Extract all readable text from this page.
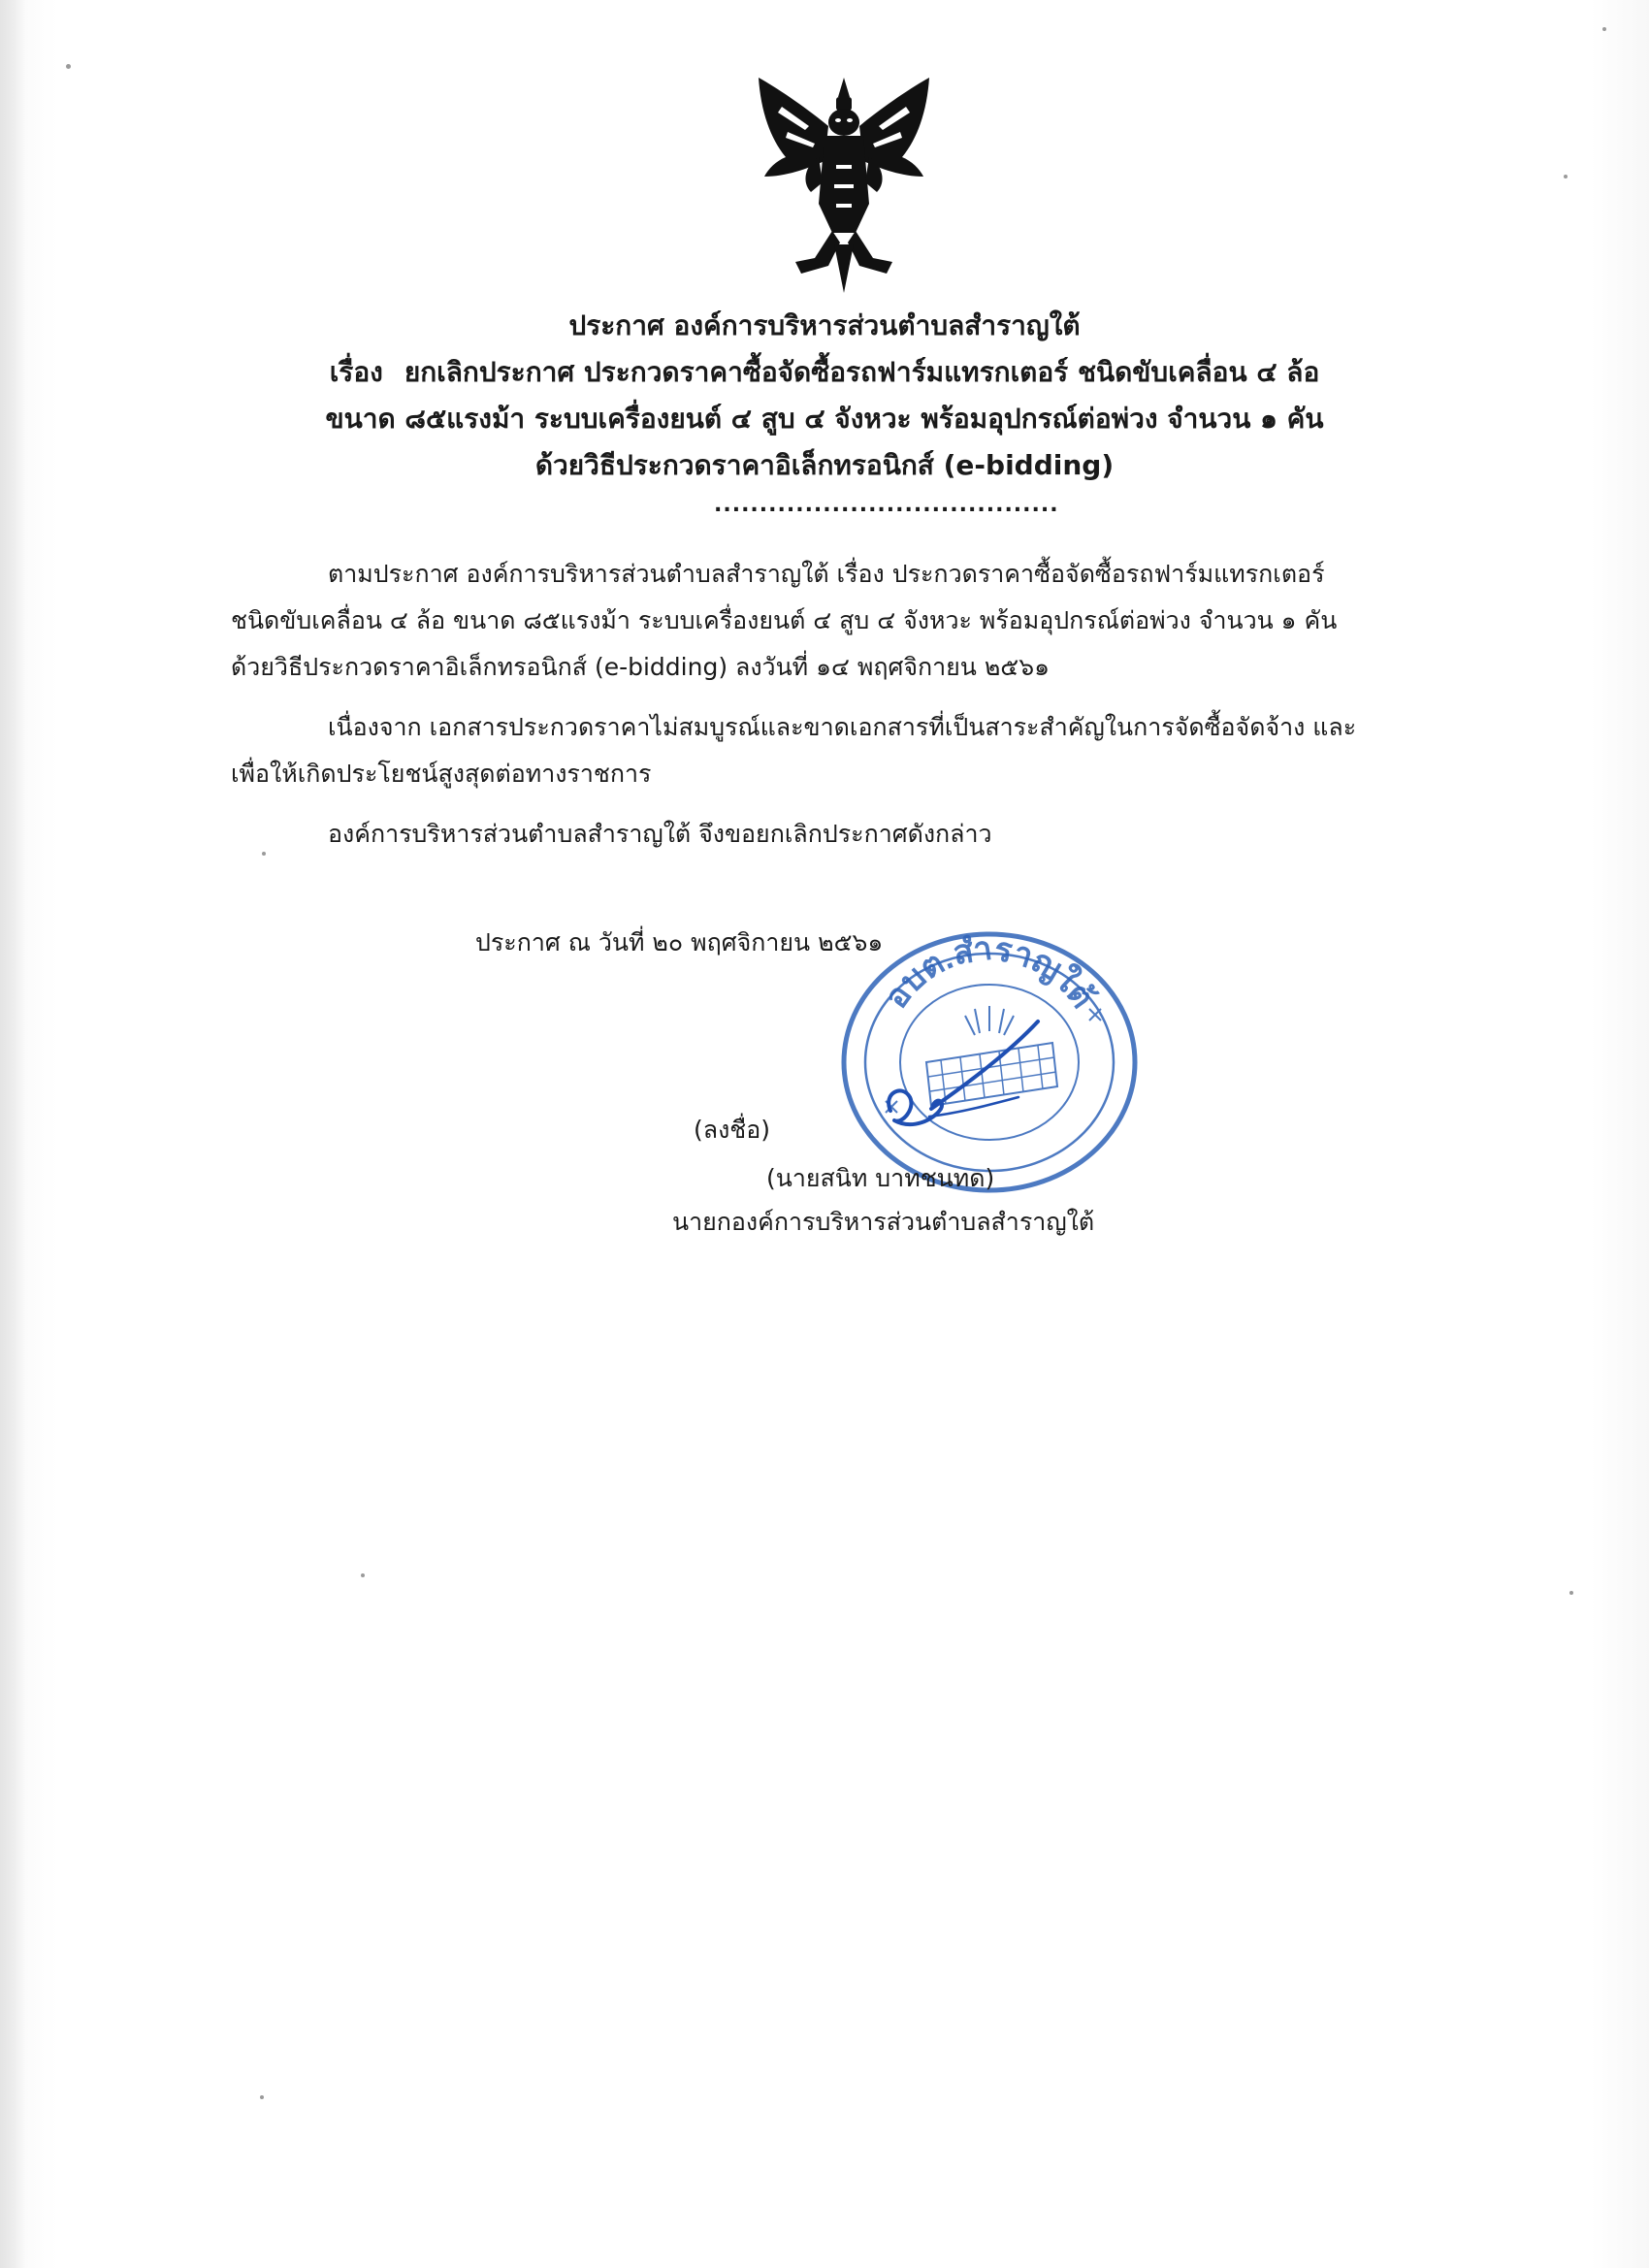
ประกาศ องค์การบริหารส่วนตำบลสำราญใต้
เรื่อง ยกเลิกประกาศ ประกวดราคาซื้อจัดซื้อรถฟาร์มแทรกเตอร์ ชนิดขับเคลื่อน ๔ ล้อ
ขนาด ๘๕แรงม้า ระบบเครื่องยนต์ ๔ สูบ ๔ จังหวะ พร้อมอุปกรณ์ต่อพ่วง จำนวน ๑ คัน
ด้วยวิธีประกวดราคาอิเล็กทรอนิกส์ (e-bidding)
......................................
ตามประกาศ องค์การบริหารส่วนตำบลสำราญใต้ เรื่อง ประกวดราคาซื้อจัดซื้อรถฟาร์มแทรกเตอร์
ชนิดขับเคลื่อน ๔ ล้อ ขนาด ๘๕แรงม้า ระบบเครื่องยนต์ ๔ สูบ ๔ จังหวะ พร้อมอุปกรณ์ต่อพ่วง จำนวน ๑ คัน
ด้วยวิธีประกวดราคาอิเล็กทรอนิกส์ (e-bidding) ลงวันที่ ๑๔ พฤศจิกายน ๒๕๖๑
เนื่องจาก เอกสารประกวดราคาไม่สมบูรณ์และขาดเอกสารที่เป็นสาระสำคัญในการจัดซื้อจัดจ้าง และ
เพื่อให้เกิดประโยชน์สูงสุดต่อทางราชการ
องค์การบริหารส่วนตำบลสำราญใต้ จึงขอยกเลิกประกาศดังกล่าว
ประกาศ ณ วันที่ ๒๐ พฤศจิกายน ๒๕๖๑
อบต.สำราญใต้
(ลงชื่อ)
(นายสนิท บาทชนทด)
นายกองค์การบริหารส่วนตำบลสำราญใต้
